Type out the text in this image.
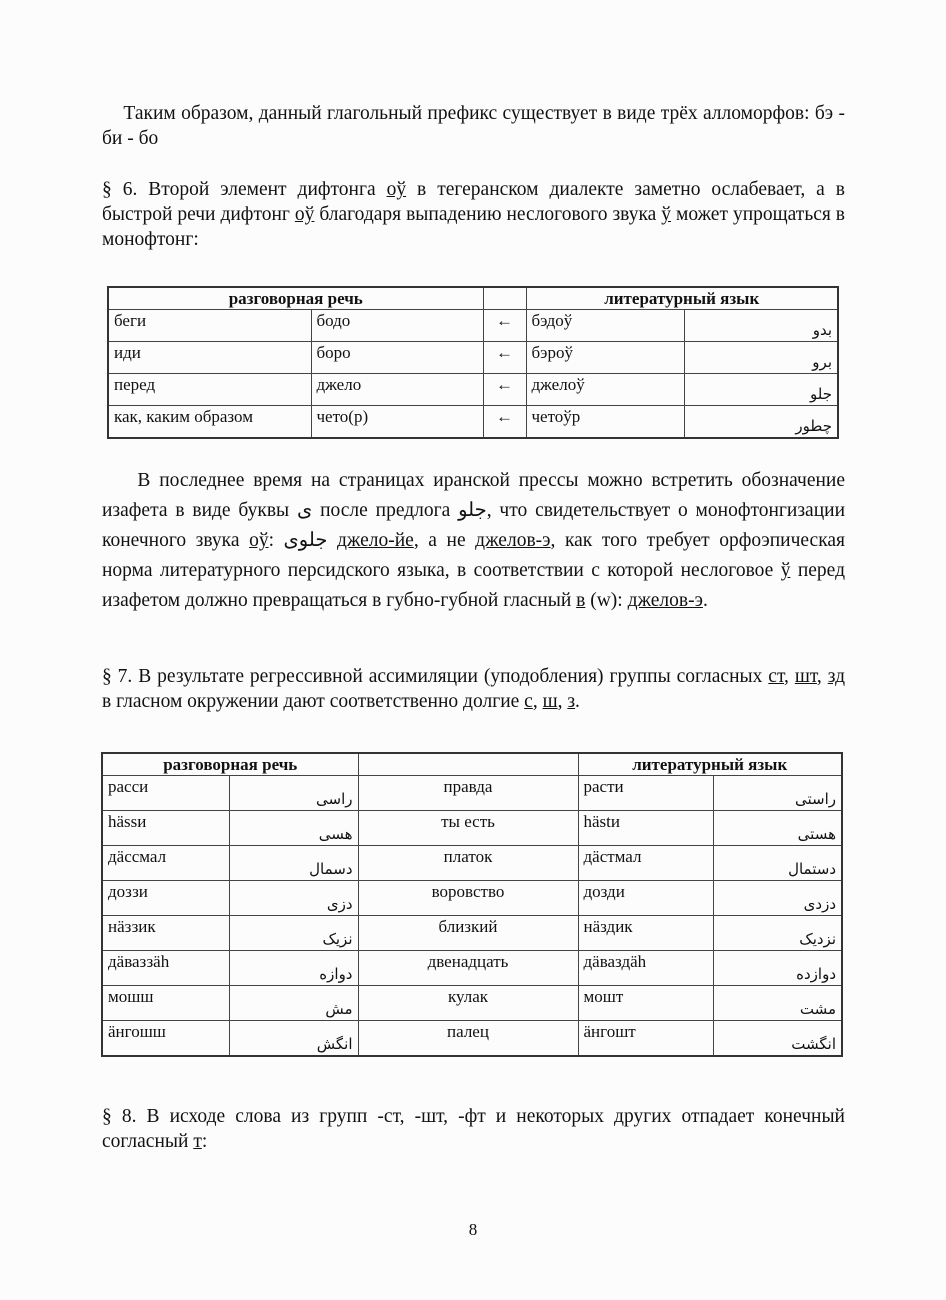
Таким образом, данный глагольный префикс существует в виде трёх алломорфов: бэ - би - бо
§ 6. Второй элемент дифтонга оў в тегеранском диалекте заметно ослабевает, а в быстрой речи дифтонг оў благодаря выпадению неслогового звука ў может упрощаться в монофтонг:
разговорная речь			литературный язык	
беги	бодо	←	бэдоў	بدو
иди	боро	←	бэроў	برو
перед	джело	←	джелоў	جلو
как, каким образом	чето(р)	←	четоўр	چطور
В последнее время на страницах иранской прессы можно встретить обозначение изафета в виде буквы ی после предлога جلو, что свидетельствует о монофтонгизации конечного звука оў: جلوی джело-йе, а не джелов-э, как того требует орфоэпическая норма литературного персидского языка, в соответствии с которой неслоговое ў перед изафетом должно превращаться в губно-губной гласный в (w): джелов-э.
§ 7. В результате регрессивной ассимиляции (уподобления) группы согласных ст, шт, зд в гласном окружении дают соответственно долгие с, ш, з.
разговорная речь			литературный язык	
расси	راسی	правда	расти	راستی
hässи	هسی	ты есть	hästи	هستی
дäссмал	دسمال	платок	дäстмал	دستمال
доззи	دزی	воровство	дозди	دزدی
нäззик	نزیک	близкий	нäздик	نزدیک
дäваззäh	دوازه	двенадцать	дäваздäh	دوازده
мошш	مش	кулак	мошт	مشت
äнгошш	انگش	палец	äнгошт	انگشت
§ 8. В исходе слова из групп -ст, -шт, -фт и некоторых других отпадает конечный согласный т:
8
